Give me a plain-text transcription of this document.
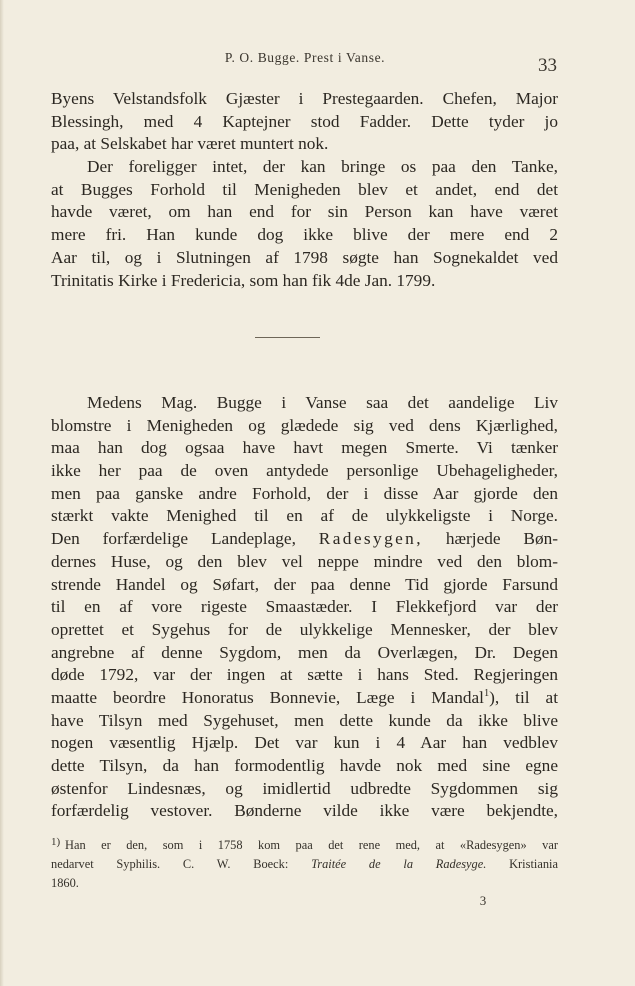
P. O. Bugge. Prest i Vanse.	33
Byens Velstandsfolk Gjæster i Prestegaarden. Chefen, Major
Blessingh, med 4 Kaptejner stod Fadder. Dette tyder jo
paa, at Selskabet har været muntert nok.
Der foreligger intet, der kan bringe os paa den Tanke,
at Bugges Forhold til Menigheden blev et andet, end det
havde været, om han end for sin Person kan have været
mere fri. Han kunde dog ikke blive der mere end 2
Aar til, og i Slutningen af 1798 søgte han Sognekaldet ved
Trinitatis Kirke i Fredericia, som han fik 4de Jan. 1799.
Medens Mag. Bugge i Vanse saa det aandelige Liv
blomstre i Menigheden og glædede sig ved dens Kjærlighed,
maa han dog ogsaa have havt megen Smerte. Vi tænker
ikke her paa de oven antydede personlige Ubehageligheder,
men paa ganske andre Forhold, der i disse Aar gjorde den
stærkt vakte Menighed til en af de ulykkeligste i Norge.
Den forfærdelige Landeplage, Radesygen, hærjede Bøn-
dernes Huse, og den blev vel neppe mindre ved den blom-
strende Handel og Søfart, der paa denne Tid gjorde Farsund
til en af vore rigeste Smaastæder. I Flekkefjord var der
oprettet et Sygehus for de ulykkelige Mennesker, der blev
angrebne af denne Sygdom, men da Overlægen, Dr. Degen
døde 1792, var der ingen at sætte i hans Sted. Regjeringen
maatte beordre Honoratus Bonnevie, Læge i Mandal$^1$), til at
have Tilsyn med Sygehuset, men dette kunde da ikke blive
nogen væsentlig Hjælp. Det var kun i 4 Aar han vedblev
dette Tilsyn, da han formodentlig havde nok med sine egne
østenfor Lindesnæs, og imidlertid udbredte Sygdommen sig
forfærdelig vestover. Bønderne vilde ikke være bekjendte,
1) Han er den, som i 1758 kom paa det rene med, at «Radesygen» var
nedarvet Syphilis. C. W. Boeck: Traitée de la Radesyge. Kristiania
1860.
3
